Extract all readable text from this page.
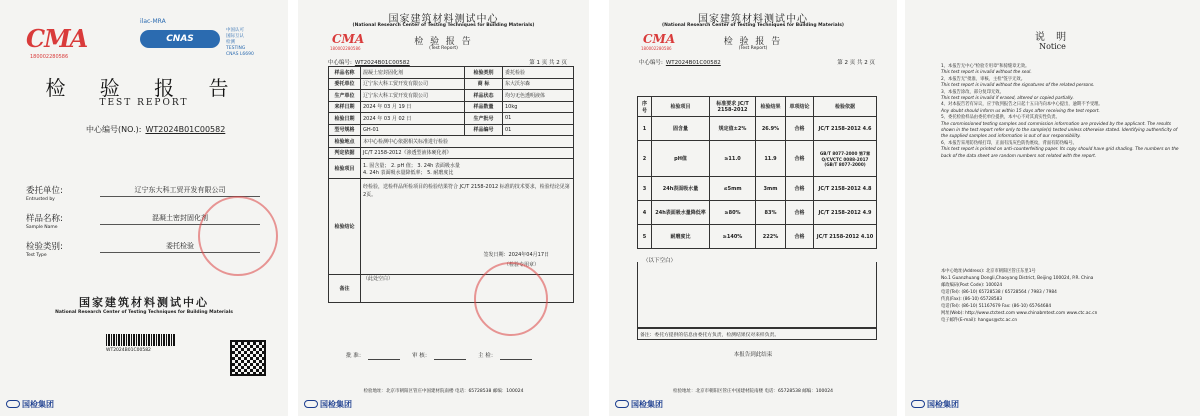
CMA
180002280586
ilac-MRA
CNAS
中国认可
国际互认
检测
TESTING
CNAS L6690
检 验 报 告
TEST REPORT
中心编号(NO.): WT2024B01C00582
委托单位:
Entrusted by
辽宁东大科工贸开发有限公司
样品名称:
Sample Name
混凝土密封固化剂
检验类别:
Test Type
委托检验
国家建筑材料测试中心
National Research Center of Testing Techniques for Building Materials
WT2024B01C00582
国检集团
国家建筑材料测试中心
(National Research Center of Testing Techniques for Building Materials)
检 验 报 告
(Test Report)
CMA
180002280586
中心编号: WT2024B01C00582	第 1 页 共 2 页
样品名称	混凝土密封固化剂	检验类别	委托检验
委托单位	辽宁东大科工贸开发有限公司	商 标	东大沃尔森
生产单位	辽宁东大科工贸开发有限公司	样品状态	均匀无色透明液体
来样日期	2024 年 03 月 19 日	样品数量	10kg
检验日期	2024 年 03 月 02 日	生产批号	01
型号规格	GH-01	样品编号	01
检验地点	本中心检测中心依据相关标准进行检验		
判定依据	JC/T 2158-2012《渗透型液体硬化剂》		
检验项目	1. 固含量； 2. pH 值； 3. 24h 表面吸水量
4. 24h 表面吸水量降低率； 5. 耐磨度比		
检验结论	经检验，送检样品所检项目的检验结果符合 JC/T 2158-2012 标准的技术要求，检验结论见第2页。
签发日期：2024年04月17日
（检验专用章）		

备注	（此处空白）		
批 准：	审 核：	主 检：
检验地址：北京市朝阳区管庄中国建材院南楼 电话：65728538 邮编：100024
国检集团
国家建筑材料测试中心
(National Research Center of Testing Techniques for Building Materials)
检 验 报 告
(Test Report)
CMA
180002280586
中心编号: WT2024B01C00582	第 2 页 共 2 页
序号	检验项目	标准要求 JC/T 2158-2012	检验结果	单项结论	检验依据
1	固含量	规定值±2%	26.9%	合格	JC/T 2158-2012 4.6
2	pH值	≥11.0	11.9	合格	GB/T 8077-2000 第7章 Q/CVCTC 0088-2017 (GB/T 8077-2000)
3	24h表面吸水量	≤5mm	3mm	合格	JC/T 2158-2012 4.8
4	24h表面吸水量降低率	≥80%	83%	合格	JC/T 2158-2012 4.9
5	耐磨度比	≥140%	222%	合格	JC/T 2158-2012 4.10
（以下空白）
备注：委托方提供的信息由委托方负责，检测结果仅对来样负责。
本报告到此结束
检验地址：北京市朝阳区管庄中国建材院南楼 电话：65728538 邮编：100024
国检集团
说 明
Notice
1、本报告无中心"检验专用章"和骑缝章无效。
This test report is invalid without the seal.
2、本报告无"批准、审核、主检"签字无效。
This test report is invalid without the signatures of the related persons.
3、本报告涂改、部分复印无效。
This test report is invalid if erased, altered or copied partially.
4、对本报告若有异议，应于收到报告之日起十五日内向本中心提出，逾期不予受理。
Any doubt should inform us within 15 days after receiving the test report.
5、委托检验样品由委托单位提供，本中心不对其真实性负责。
The commissioned testing samples and commission information are provided by the applicant. The results shown in the test report refer only to the sample(s) tested unless otherwise stated. Identifying authenticity of the supplied samples and information is out of our responsibility.
6、本报告采用防伪纸打印，正面有浅灰色防伪底纹，背面有防伪编号。
This test report is printed on anti-counterfeiting paper. Its copy should have grid shading. The numbers on the back of the data sheet are random numbers not related with the report.
本中心地址(Address): 北京市朝阳区管庄东里1号
No.1 Guanzhuang Dongli,Chaoyang District, Beijing 100024, P.R. China
邮政编码(Post Code): 100024
电话(Tel): (86-10) 65728538 / 65728564 / 7983 / 7984
传真(Fax): (86-10) 65728583
电话(Tel): (86-10) 51167679 Fax: (86-10) 65764684
网址(Web): http://www.ctctest.com www.chinabmtest.com www.ctc.ac.cn
电子邮件(E-mail): hangus@ctc.ac.cn
国检集团
